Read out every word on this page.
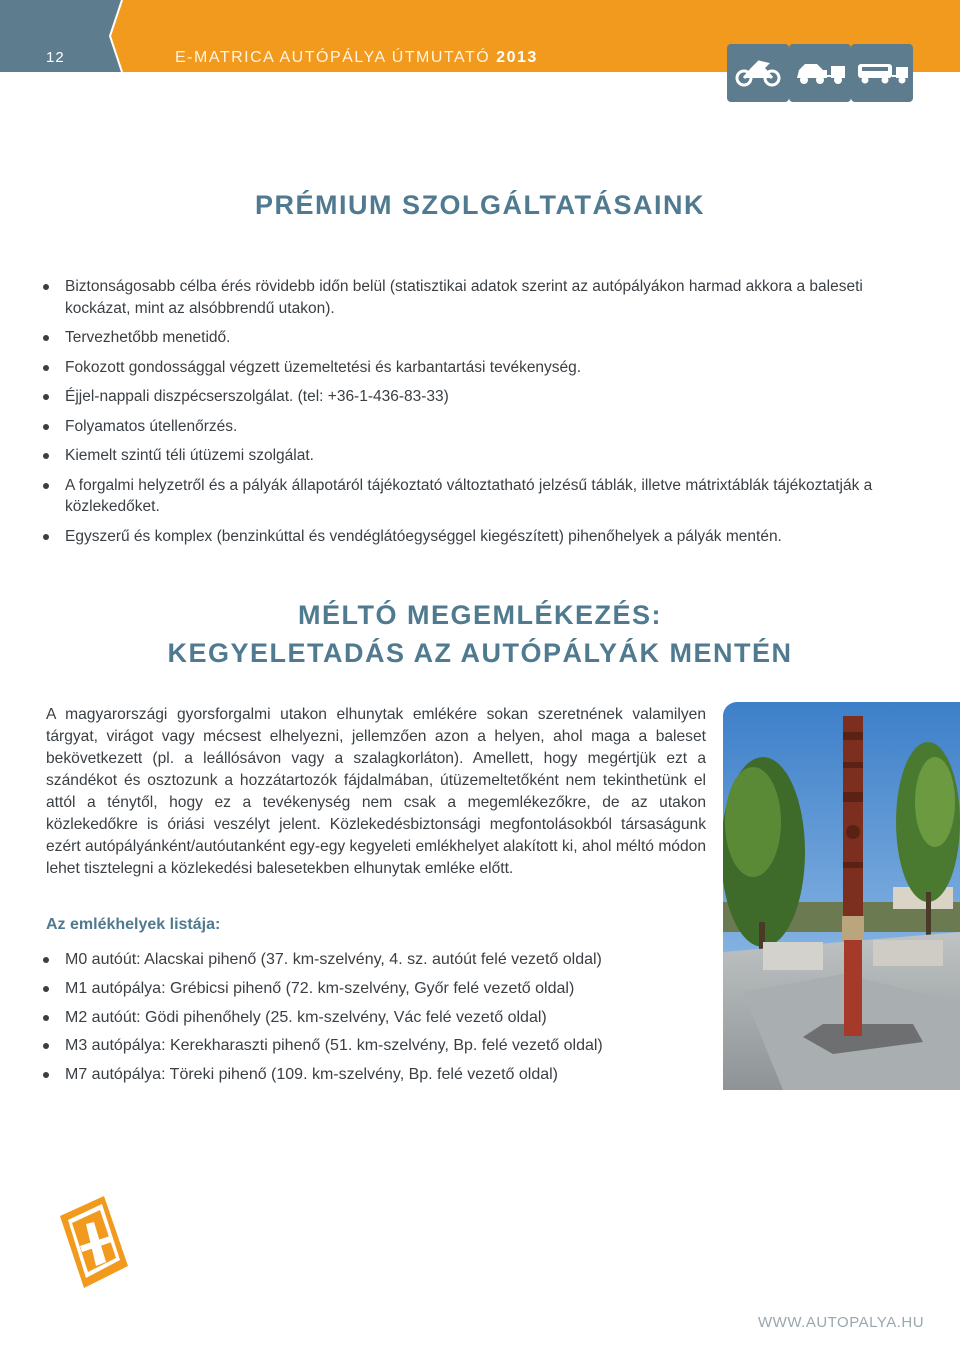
12	E-MATRICA AUTÓPÁLYA ÚTMUTATÓ 2013
PRÉMIUM SZOLGÁLTATÁSAINK
Biztonságosabb célba érés rövidebb időn belül (statisztikai adatok szerint az autópályákon harmad akkora a baleseti kockázat, mint az alsóbbrendű utakon).
Tervezhetőbb menetidő.
Fokozott gondossággal végzett üzemeltetési és karbantartási tevékenység.
Éjjel-nappali diszpécserszolgálat. (tel: +36-1-436-83-33)
Folyamatos útellenőrzés.
Kiemelt szintű téli útüzemi szolgálat.
A forgalmi helyzetről és a pályák állapotáról tájékoztató változtatható jelzésű táblák, illetve mátrixtáblák tájékoztatják a közlekedőket.
Egyszerű és komplex (benzinkúttal és vendéglátóegységgel kiegészített) pihenőhelyek a pályák mentén.
MÉLTÓ MEGEMLÉKEZÉS:
KEGYELETADÁS AZ AUTÓPÁLYÁK MENTÉN
A magyarországi gyorsforgalmi utakon elhunytak emlékére sokan szeretnének valamilyen tárgyat, virágot vagy mécsest elhelyezni, jellemzően azon a helyen, ahol maga a baleset bekövetkezett (pl. a leállósávon vagy a szalagkorláton). Amellett, hogy megértjük ezt a szándékot és osztozunk a hozzátartozók fájdalmában, útüzemeltetőként nem tekinthetünk el attól a ténytől, hogy ez a tevékenység nem csak a megemlékezőkre, de az utakon közlekedőkre is óriási veszélyt jelent. Közlekedésbiztonsági megfontolásokból társaságunk ezért autópályánként/autóutanként egy-egy kegyeleti emlékhelyet alakított ki, ahol méltó módon lehet tisztelegni a közlekedési balesetekben elhunytak emléke előtt.
Az emlékhelyek listája:
M0 autóút: Alacskai pihenő (37. km-szelvény, 4. sz. autóút felé vezető oldal)
M1 autópálya: Grébicsi pihenő (72. km-szelvény, Győr felé vezető oldal)
M2 autóút: Gödi pihenőhely (25. km-szelvény, Vác felé vezető oldal)
M3 autópálya: Kerekharaszti pihenő (51. km-szelvény, Bp. felé vezető oldal)
M7 autópálya: Töreki pihenő (109. km-szelvény, Bp. felé vezető oldal)
WWW.AUTOPALYA.HU
